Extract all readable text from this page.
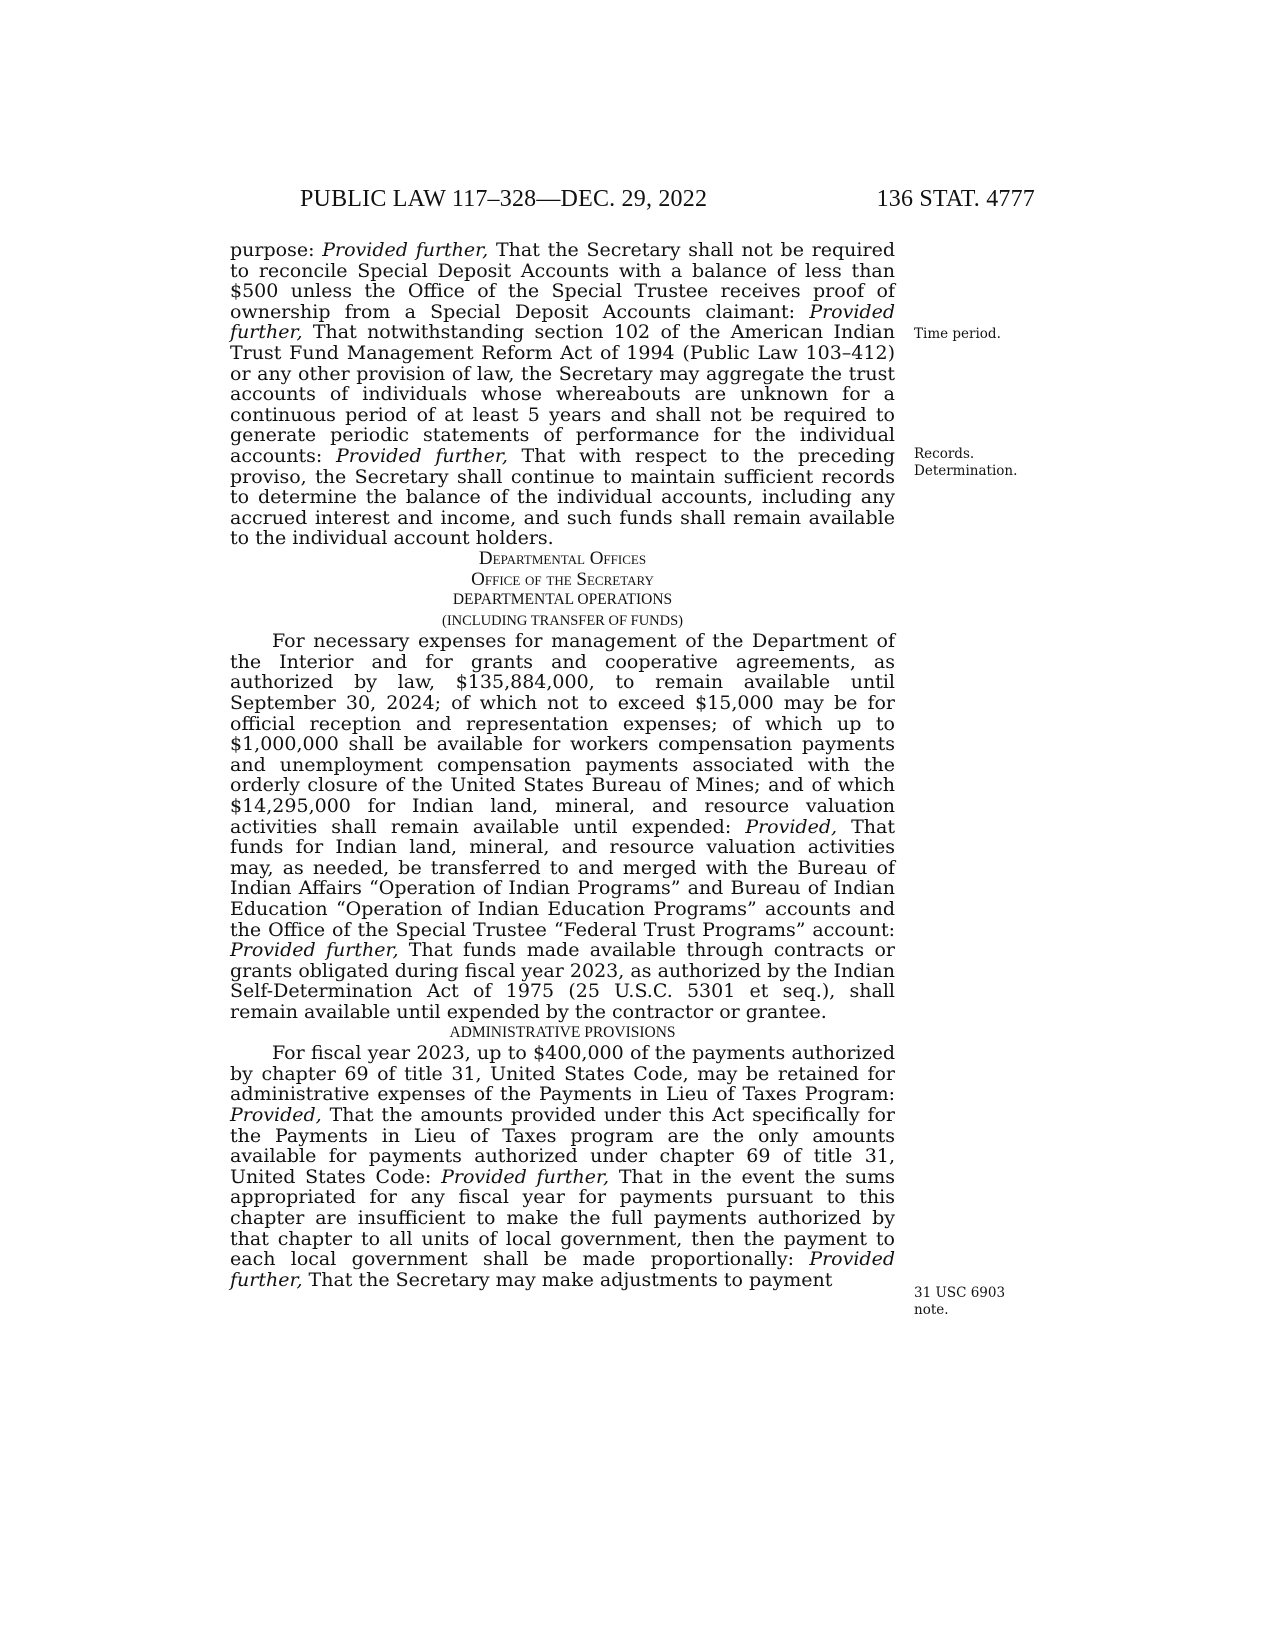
PUBLIC LAW 117–328—DEC. 29, 2022	136 STAT. 4777

purpose: Provided further, That the Secretary shall not be required to reconcile Special Deposit Accounts with a balance of less than $500 unless the Office of the Special Trustee receives proof of ownership from a Special Deposit Accounts claimant: Provided further, That notwithstanding section 102 of the American Indian Trust Fund Management Reform Act of 1994 (Public Law 103–412) or any other provision of law, the Secretary may aggregate the trust accounts of individuals whose whereabouts are unknown for a continuous period of at least 5 years and shall not be required to generate periodic statements of performance for the individual accounts: Provided further, That with respect to the preceding proviso, the Secretary shall continue to maintain sufficient records to determine the balance of the individual accounts, including any accrued interest and income, and such funds shall remain available to the individual account holders.

Departmental Offices

Office of the Secretary

DEPARTMENTAL OPERATIONS

(INCLUDING TRANSFER OF FUNDS)

For necessary expenses for management of the Department of the Interior and for grants and cooperative agreements, as authorized by law, $135,884,000, to remain available until September 30, 2024; of which not to exceed $15,000 may be for official reception and representation expenses; of which up to $1,000,000 shall be available for workers compensation payments and unemployment compensation payments associated with the orderly closure of the United States Bureau of Mines; and of which $14,295,000 for Indian land, mineral, and resource valuation activities shall remain available until expended: Provided, That funds for Indian land, mineral, and resource valuation activities may, as needed, be transferred to and merged with the Bureau of Indian Affairs “Operation of Indian Programs” and Bureau of Indian Education “Operation of Indian Education Programs” accounts and the Office of the Special Trustee “Federal Trust Programs” account: Provided further, That funds made available through contracts or grants obligated during fiscal year 2023, as authorized by the Indian Self-Determination Act of 1975 (25 U.S.C. 5301 et seq.), shall remain available until expended by the contractor or grantee.

ADMINISTRATIVE PROVISIONS

For fiscal year 2023, up to $400,000 of the payments authorized by chapter 69 of title 31, United States Code, may be retained for administrative expenses of the Payments in Lieu of Taxes Program: Provided, That the amounts provided under this Act specifically for the Payments in Lieu of Taxes program are the only amounts available for payments authorized under chapter 69 of title 31, United States Code: Provided further, That in the event the sums appropriated for any fiscal year for payments pursuant to this chapter are insufficient to make the full payments authorized by that chapter to all units of local government, then the payment to each local government shall be made proportionally: Provided further, That the Secretary may make adjustments to payment

Time period.
Records.
Determination.
31 USC 6903
note.
